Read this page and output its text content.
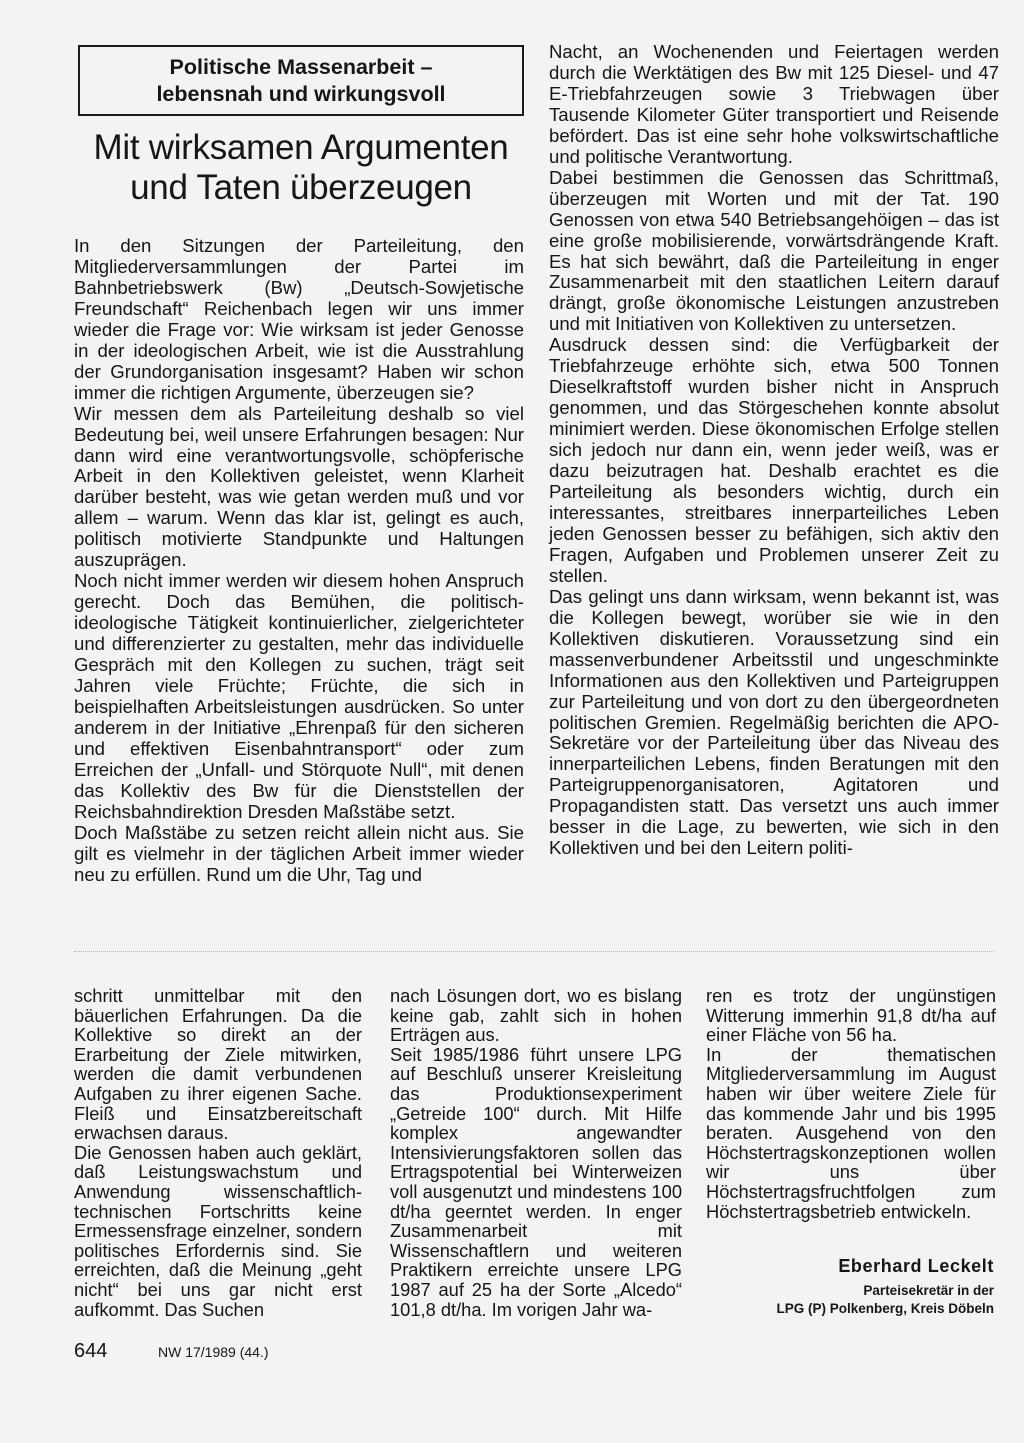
Politische Massenarbeit –
lebensnah und wirkungsvoll
Mit wirksamen Argumenten
und Taten überzeugen

In den Sitzungen der Parteileitung, den Mitgliederversammlungen der Partei im Bahnbetriebswerk (Bw) „Deutsch-Sowjetische Freundschaft“ Reichenbach legen wir uns immer wieder die Frage vor: Wie wirksam ist jeder Genosse in der ideologischen Arbeit, wie ist die Ausstrahlung der Grundorganisation insgesamt? Haben wir schon immer die richtigen Argumente, überzeugen sie?

Wir messen dem als Parteileitung deshalb so viel Bedeutung bei, weil unsere Erfahrungen besagen: Nur dann wird eine verantwortungsvolle, schöpferische Arbeit in den Kollektiven geleistet, wenn Klarheit darüber besteht, was wie getan werden muß und vor allem – warum. Wenn das klar ist, gelingt es auch, politisch motivierte Standpunkte und Haltungen auszuprägen.

Noch nicht immer werden wir diesem hohen Anspruch gerecht. Doch das Bemühen, die politisch-ideologische Tätigkeit kontinuierlicher, zielgerichteter und differenzierter zu gestalten, mehr das individuelle Gespräch mit den Kollegen zu suchen, trägt seit Jahren viele Früchte; Früchte, die sich in beispielhaften Arbeitsleistungen ausdrücken. So unter anderem in der Initiative „Ehrenpaß für den sicheren und effektiven Eisenbahntransport“ oder zum Erreichen der „Unfall- und Störquote Null“, mit denen das Kollektiv des Bw für die Dienststellen der Reichsbahndirektion Dresden Maßstäbe setzt.

Doch Maßstäbe zu setzen reicht allein nicht aus. Sie gilt es vielmehr in der täglichen Arbeit immer wieder neu zu erfüllen. Rund um die Uhr, Tag und

Nacht, an Wochenenden und Feiertagen werden durch die Werktätigen des Bw mit 125 Diesel- und 47 E-Triebfahrzeugen sowie 3 Triebwagen über Tausende Kilometer Güter transportiert und Reisende befördert. Das ist eine sehr hohe volkswirtschaftliche und politische Verantwortung.

Dabei bestimmen die Genossen das Schrittmaß, überzeugen mit Worten und mit der Tat. 190 Genossen von etwa 540 Betriebsangehöigen – das ist eine große mobilisierende, vorwärtsdrängende Kraft. Es hat sich bewährt, daß die Parteileitung in enger Zusammenarbeit mit den staatlichen Leitern darauf drängt, große ökonomische Leistungen anzustreben und mit Initiativen von Kollektiven zu untersetzen.

Ausdruck dessen sind: die Verfügbarkeit der Triebfahrzeuge erhöhte sich, etwa 500 Tonnen Dieselkraftstoff wurden bisher nicht in Anspruch genommen, und das Störgeschehen konnte absolut minimiert werden. Diese ökonomischen Erfolge stellen sich jedoch nur dann ein, wenn jeder weiß, was er dazu beizutragen hat. Deshalb erachtet es die Parteileitung als besonders wichtig, durch ein interessantes, streitbares innerparteiliches Leben jeden Genossen besser zu befähigen, sich aktiv den Fragen, Aufgaben und Problemen unserer Zeit zu stellen.

Das gelingt uns dann wirksam, wenn bekannt ist, was die Kollegen bewegt, worüber sie wie in den Kollektiven diskutieren. Voraussetzung sind ein massenverbundener Arbeitsstil und ungeschminkte Informationen aus den Kollektiven und Parteigruppen zur Parteileitung und von dort zu den übergeordneten politischen Gremien. Regelmäßig berichten die APO-Sekretäre vor der Parteileitung über das Niveau des innerparteilichen Lebens, finden Beratungen mit den Parteigruppenorganisatoren, Agitatoren und Propagandisten statt. Das versetzt uns auch immer besser in die Lage, zu bewerten, wie sich in den Kollektiven und bei den Leitern politi-

schritt unmittelbar mit den bäuerlichen Erfahrungen. Da die Kollektive so direkt an der Erarbeitung der Ziele mitwirken, werden die damit verbundenen Aufgaben zu ihrer eigenen Sache. Fleiß und Einsatzbereitschaft erwachsen daraus.

Die Genossen haben auch geklärt, daß Leistungswachstum und Anwendung wissenschaftlich-technischen Fortschritts keine Ermessensfrage einzelner, sondern politisches Erfordernis sind. Sie erreichten, daß die Meinung „geht nicht“ bei uns gar nicht erst aufkommt. Das Suchen

nach Lösungen dort, wo es bislang keine gab, zahlt sich in hohen Erträgen aus.

Seit 1985/1986 führt unsere LPG auf Beschluß unserer Kreisleitung das Produktionsexperiment „Getreide 100“ durch. Mit Hilfe komplex angewandter Intensivierungsfaktoren sollen das Ertragspotential bei Winterweizen voll ausgenutzt und mindestens 100 dt/ha geerntet werden. In enger Zusammenarbeit mit Wissenschaftlern und weiteren Praktikern erreichte unsere LPG 1987 auf 25 ha der Sorte „Alcedo“ 101,8 dt/ha. Im vorigen Jahr wa-

ren es trotz der ungünstigen Witterung immerhin 91,8 dt/ha auf einer Fläche von 56 ha.

In der thematischen Mitgliederversammlung im August haben wir über weitere Ziele für das kommende Jahr und bis 1995 beraten. Ausgehend von den Höchstertragskonzeptionen wollen wir uns über Höchstertragsfruchtfolgen zum Höchstertragsbetrieb entwickeln.

Eberhard Leckelt
Parteisekretär in der
LPG (P) Polkenberg, Kreis Döbeln
644	NW 17/1989 (44.)
